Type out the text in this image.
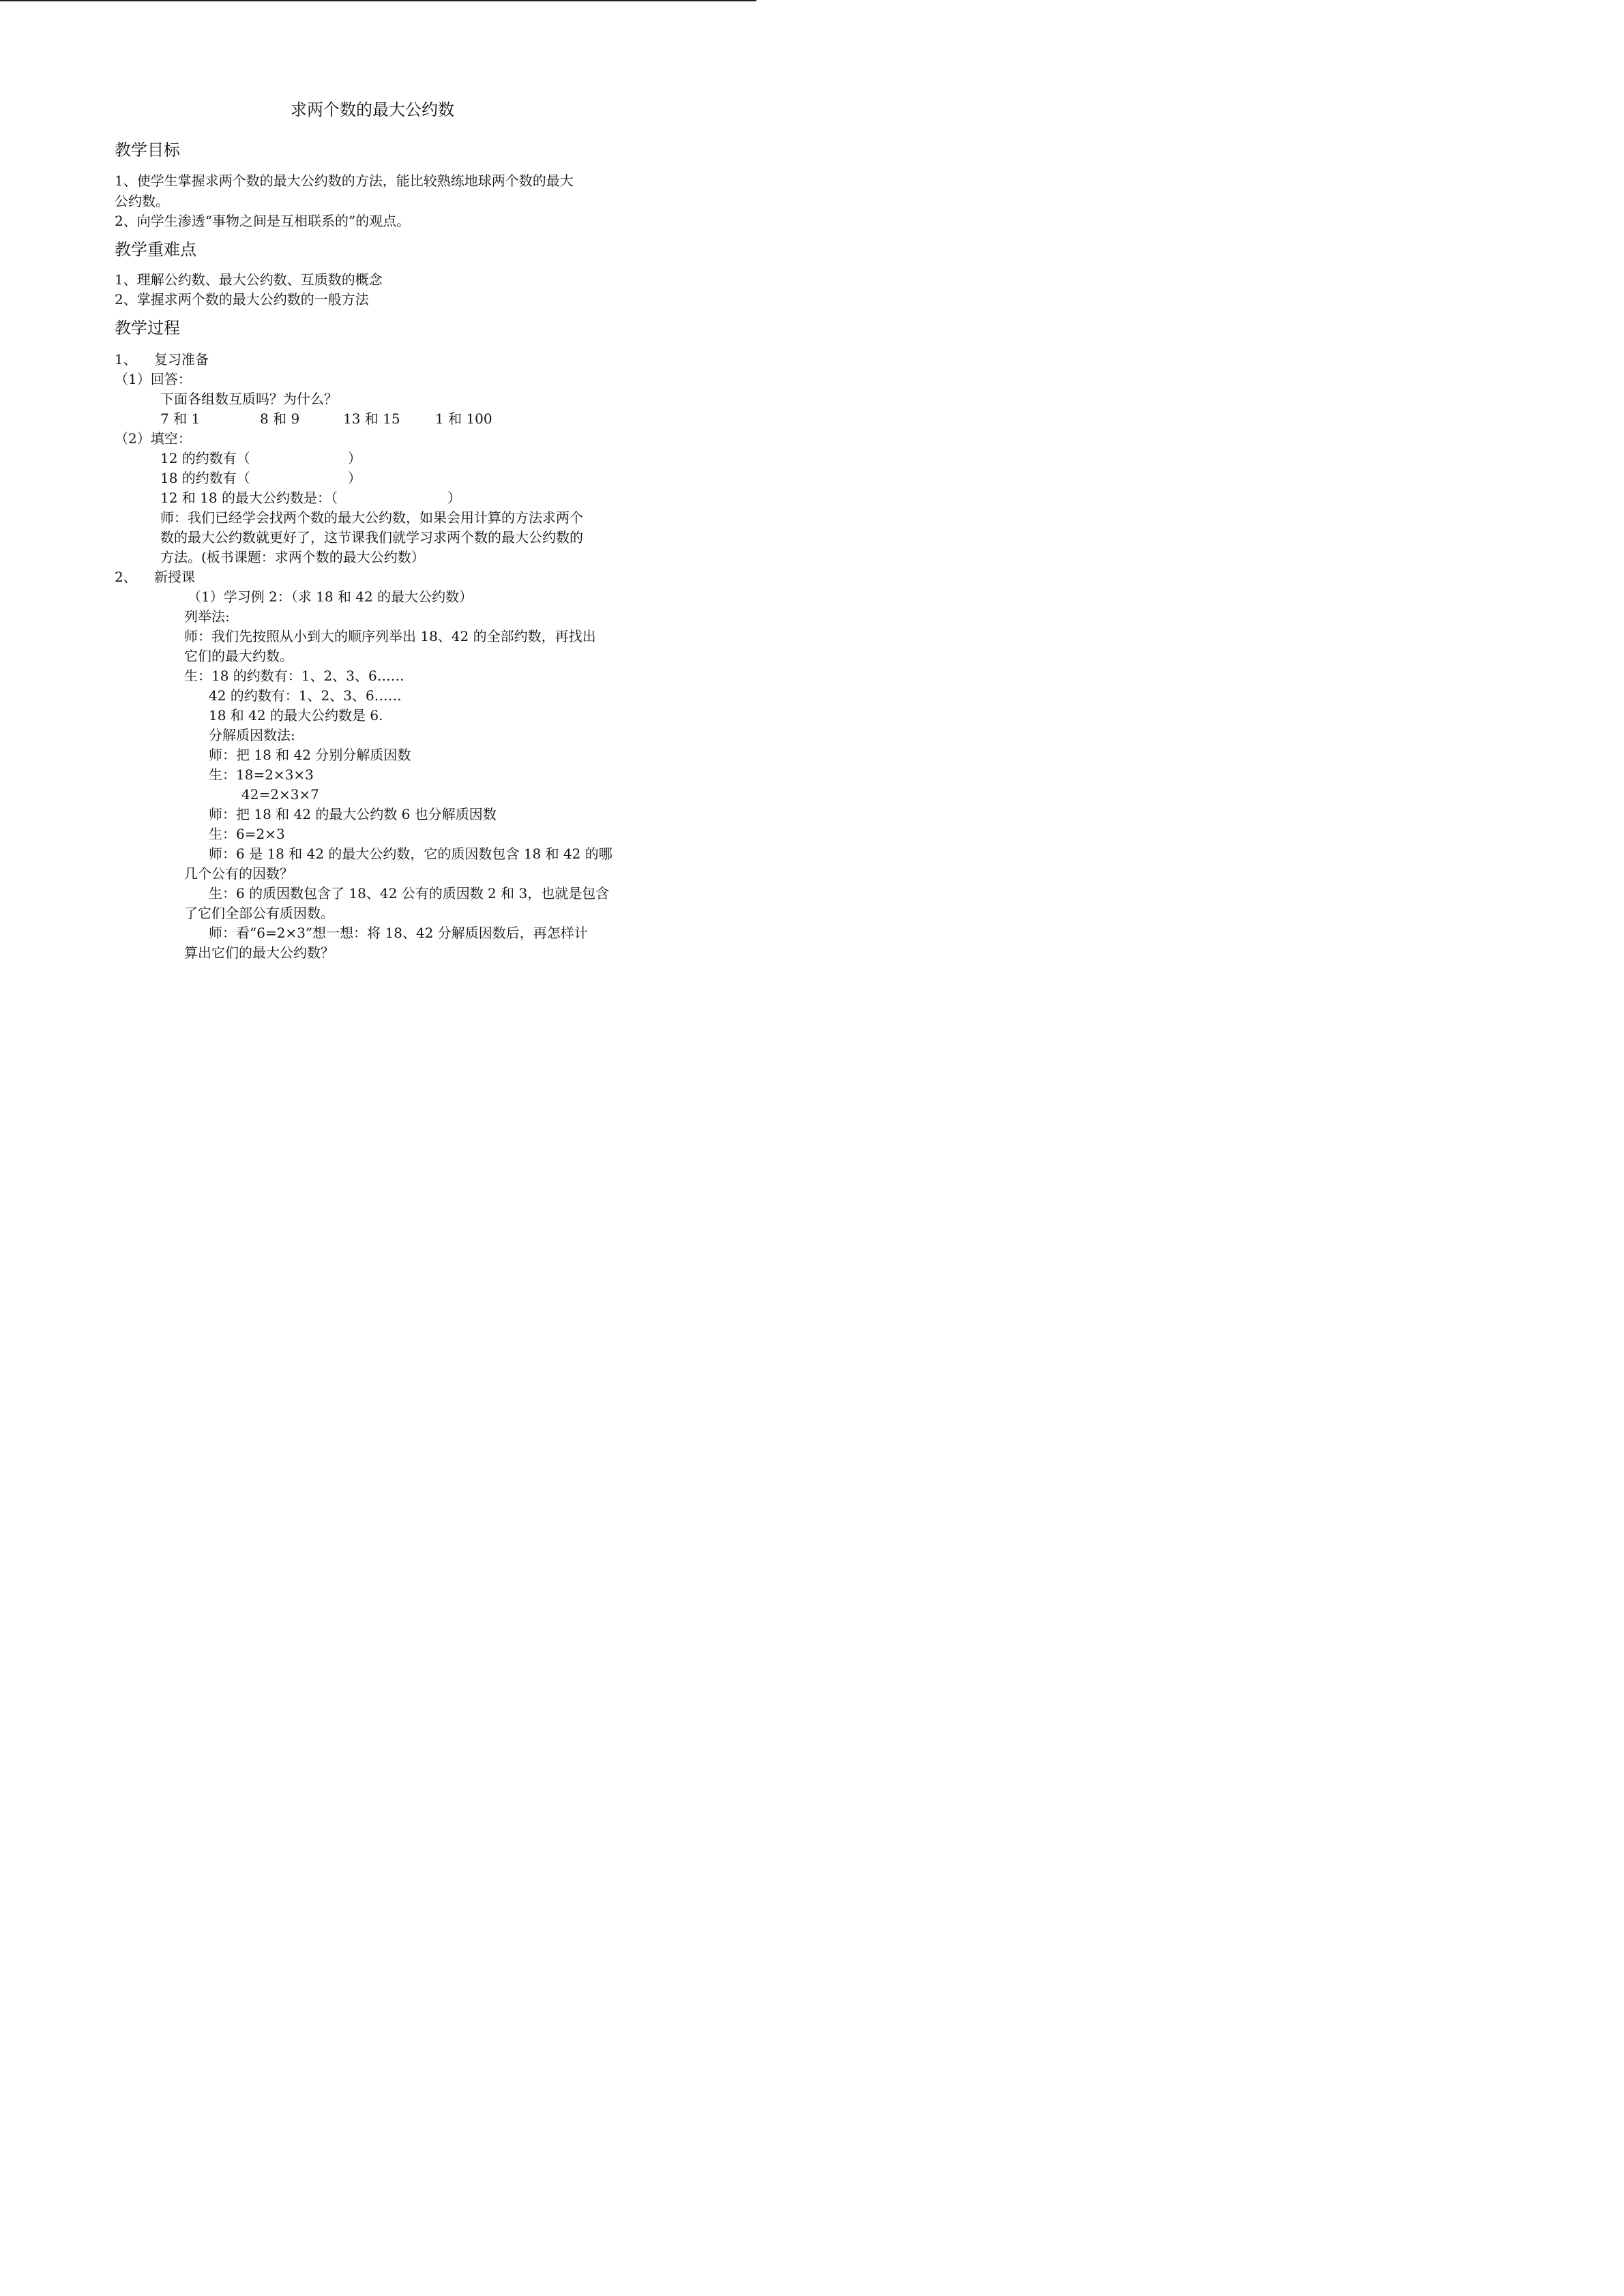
求两个数的最大公约数
教学目标
1、使学生掌握求两个数的最大公约数的方法，能比较熟练地球两个数的最大
公约数。
2、向学生渗透“事物之间是互相联系的”的观点。
教学重难点
1、理解公约数、最大公约数、互质数的概念
2、掌握求两个数的最大公约数的一般方法
教学过程
1、 复习准备
（1）回答：
下面各组数互质吗？为什么？
7 和 1	8 和 9	13 和 15	1 和 100
（2）填空：
12 的约数有（	）
18 的约数有（	）
12 和 18 的最大公约数是：（	）
师：我们已经学会找两个数的最大公约数，如果会用计算的方法求两个
数的最大公约数就更好了，这节课我们就学习求两个数的最大公约数的
方法。(板书课题：求两个数的最大公约数）
2、 新授课
（1）学习例 2：（求 18 和 42 的最大公约数）
列举法:
师：我们先按照从小到大的顺序列举出 18、42 的全部约数，再找出
它们的最大约数。
生：18 的约数有：1、2、3、6……
42 的约数有：1、2、3、6……
18 和 42 的最大公约数是 6.
分解质因数法:
师：把 18 和 42 分别分解质因数
生：18=2×3×3
42=2×3×7
师：把 18 和 42 的最大公约数 6 也分解质因数
生：6=2×3
师：6 是 18 和 42 的最大公约数，它的质因数包含 18 和 42 的哪
几个公有的因数？
生：6 的质因数包含了 18、42 公有的质因数 2 和 3，也就是包含
了它们全部公有质因数。
师：看“6=2×3”想一想：将 18、42 分解质因数后，再怎样计
算出它们的最大公约数？
